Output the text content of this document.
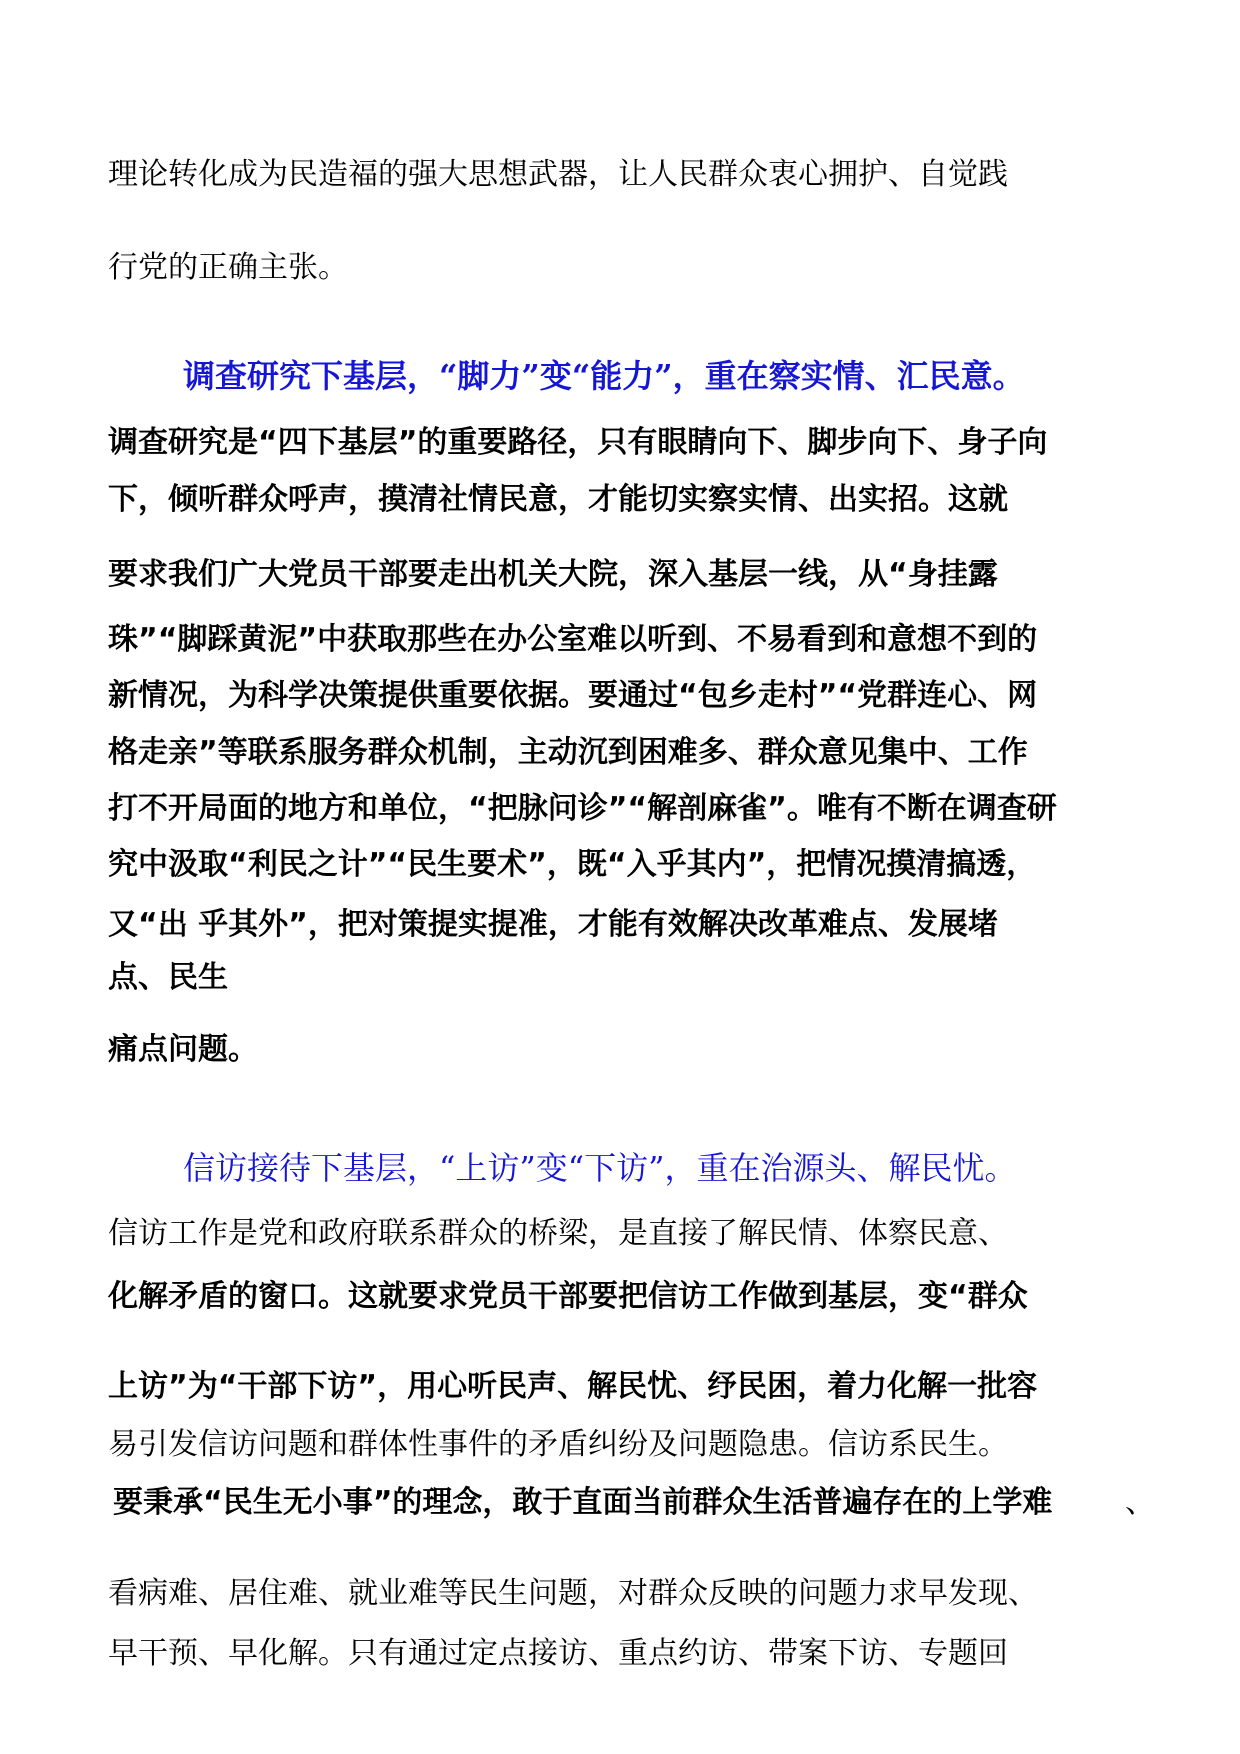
理论转化成为民造福的强大思想武器，让人民群众衷心拥护、自觉践
行党的正确主张。
调查研究下基层，“脚力”变“能力”，重在察实情、汇民意。
调查研究是“四下基层”的重要路径，只有眼睛向下、脚步向下、身子向
下，倾听群众呼声，摸清社情民意，才能切实察实情、出实招。这就
要求我们广大党员干部要走出机关大院，深入基层一线，从“身挂露
珠”“脚踩黄泥”中获取那些在办公室难以听到、不易看到和意想不到的
新情况，为科学决策提供重要依据。要通过“包乡走村”“党群连心、网
格走亲”等联系服务群众机制，主动沉到困难多、群众意见集中、工作
打不开局面的地方和单位，“把脉问诊”“解剖麻雀”。唯有不断在调查研
究中汲取“利民之计”“民生要术”，既“入乎其内”，把情况摸清搞透，
又“出 乎其外”，把对策提实提准，才能有效解决改革难点、发展堵
点、民生
痛点问题。
信访接待下基层，“上访”变“下访”，重在治源头、解民忧。
信访工作是党和政府联系群众的桥梁，是直接了解民情、体察民意、
化解矛盾的窗口。这就要求党员干部要把信访工作做到基层，变“群众
上访”为“干部下访”，用心听民声、解民忧、纾民困，着力化解一批容
易引发信访问题和群体性事件的矛盾纠纷及问题隐患。信访系民生。
要秉承“民生无小事”的理念，敢于直面当前群众生活普遍存在的上学难 、
看病难、居住难、就业难等民生问题，对群众反映的问题力求早发现、
早干预、早化解。只有通过定点接访、重点约访、带案下访、专题回
